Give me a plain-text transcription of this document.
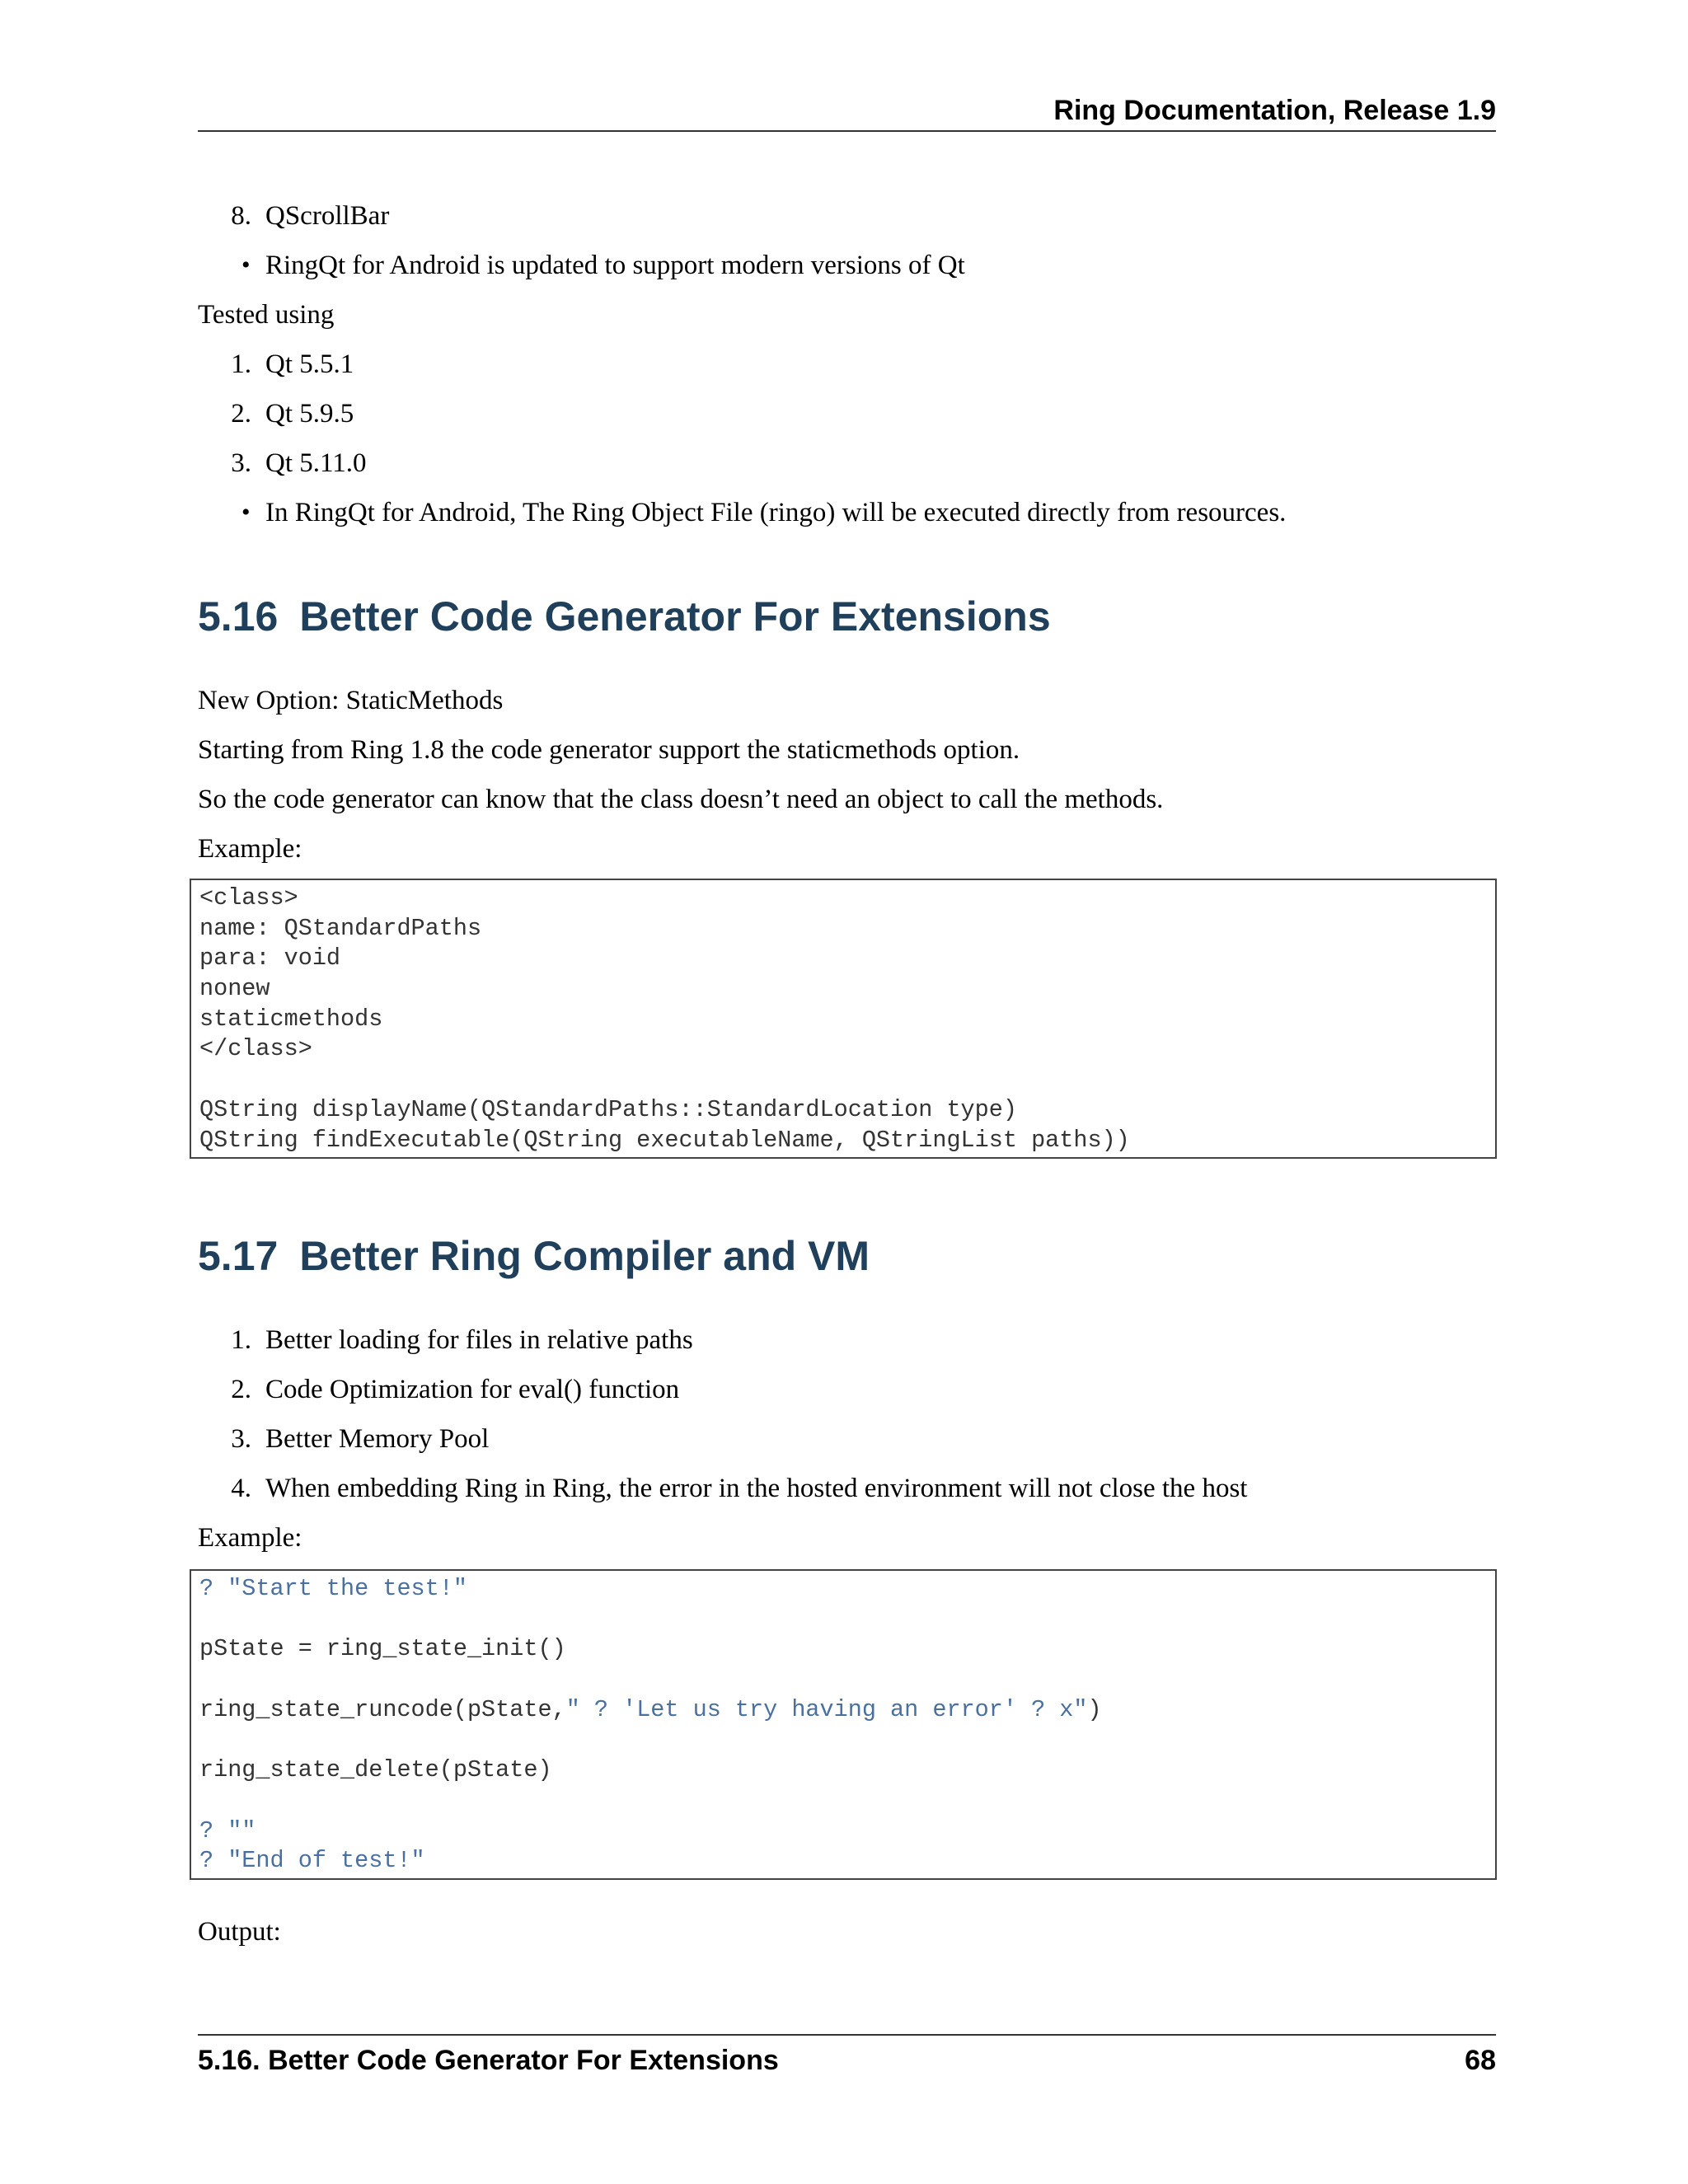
Ring Documentation, Release 1.9
8. QScrollBar
• RingQt for Android is updated to support modern versions of Qt
Tested using
1. Qt 5.5.1
2. Qt 5.9.5
3. Qt 5.11.0
• In RingQt for Android, The Ring Object File (ringo) will be executed directly from resources.
5.16 Better Code Generator For Extensions
New Option: StaticMethods
Starting from Ring 1.8 the code generator support the staticmethods option.
So the code generator can know that the class doesn’t need an object to call the methods.
Example:
<class>
name: QStandardPaths
para: void
nonew
staticmethods
</class>
QString displayName(QStandardPaths::StandardLocation type)
QString findExecutable(QString executableName, QStringList paths))
5.17 Better Ring Compiler and VM
1. Better loading for files in relative paths
2. Code Optimization for eval() function
3. Better Memory Pool
4. When embedding Ring in Ring, the error in the hosted environment will not close the host
Example:
? "Start the test!"
pState = ring_state_init()
ring_state_runcode(pState," ? 'Let us try having an error' ? x")
ring_state_delete(pState)
? ""
? "End of test!"
Output:
5.16. Better Code Generator For Extensions	68
